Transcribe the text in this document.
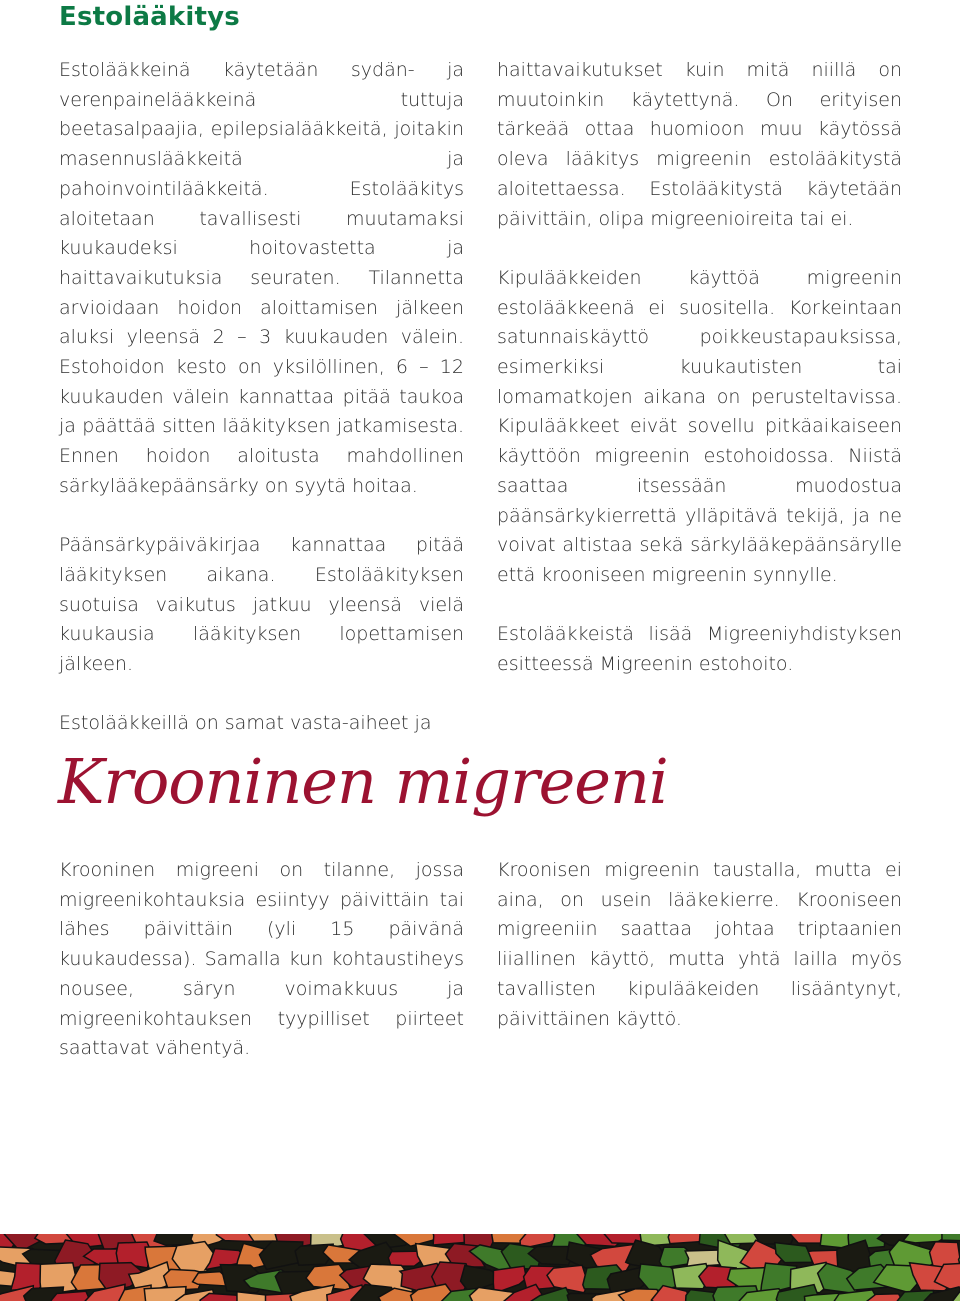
Estolääkitys

Estolääkkeinä käytetään sydän- ja verenpainelääkkeinä tuttuja beetasalpaajia, epilepsialääkkeitä, joitakin masennuslääkkeitä ja pahoinvointilääkkeitä. Estolääkitys aloitetaan tavallisesti muutamaksi kuukaudeksi hoitovastetta ja haittavaikutuksia seuraten. Tilannetta arvioidaan hoidon aloittamisen jälkeen aluksi yleensä 2 – 3 kuukauden välein. Estohoidon kesto on yksilöllinen, 6 – 12 kuukauden välein kannattaa pitää taukoa ja päättää sitten lääkityksen jatkamisesta. Ennen hoidon aloitusta mahdollinen särkylääkepäänsärky on syytä hoitaa.

Päänsärkypäiväkirjaa kannattaa pitää lääkityksen aikana. Estolääkityksen suotuisa vaikutus jatkuu yleensä vielä kuukausia lääkityksen lopettamisen jälkeen.

Estolääkkeillä on samat vasta-aiheet ja

haittavaikutukset kuin mitä niillä on muutoinkin käytettynä. On erityisen tärkeää ottaa huomioon muu käytössä oleva lääkitys migreenin estolääkitystä aloitettaessa. Estolääkitystä käytetään päivittäin, olipa migreenioireita tai ei.

Kipulääkkeiden käyttöä migreenin estolääkkeenä ei suositella. Korkeintaan satunnaiskäyttö poikkeustapauksissa, esimerkiksi kuukautisten tai lomamatkojen aikana on perusteltavissa. Kipulääkkeet eivät sovellu pitkäaikaiseen käyttöön migreenin estohoidossa. Niistä saattaa itsessään muodostua päänsärkykierrettä ylläpitävä tekijä, ja ne voivat altistaa sekä särkylääkepäänsärylle että krooniseen migreenin synnylle.

Estolääkkeistä lisää Migreeniyhdistyksen esitteessä Migreenin estohoito.

Krooninen migreeni

Krooninen migreeni on tilanne, jossa migreenikohtauksia esiintyy päivittäin tai lähes päivittäin (yli 15 päivänä kuukaudessa). Samalla kun kohtaustiheys nousee, säryn voimakkuus ja migreenikohtauksen tyypilliset piirteet saattavat vähentyä.

Kroonisen migreenin taustalla, mutta ei aina, on usein lääkekierre. Krooniseen migreeniin saattaa johtaa triptaanien liiallinen käyttö, mutta yhtä lailla myös tavallisten kipulääkeiden lisääntynyt, päivittäinen käyttö.
